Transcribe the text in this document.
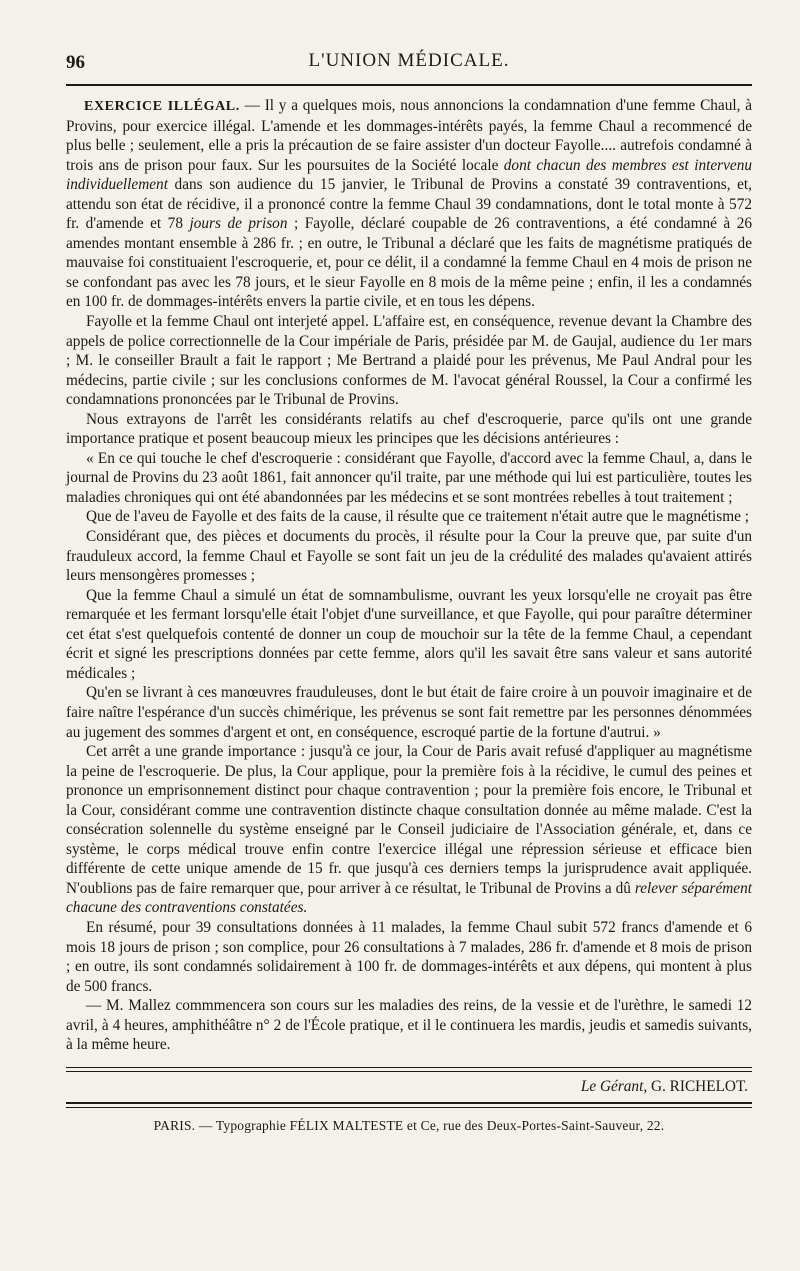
96	L'UNION MÉDICALE.

EXERCICE ILLÉGAL. — Il y a quelques mois, nous annoncions la condamnation d'une femme Chaul, à Provins, pour exercice illégal. L'amende et les dommages-intérêts payés, la femme Chaul a recommencé de plus belle ; seulement, elle a pris la précaution de se faire assister d'un docteur Fayolle.... autrefois condamné à trois ans de prison pour faux. Sur les poursuites de la Société locale dont chacun des membres est intervenu individuellement dans son audience du 15 janvier, le Tribunal de Provins a constaté 39 contraventions, et, attendu son état de récidive, il a prononcé contre la femme Chaul 39 condamnations, dont le total monte à 572 fr. d'amende et 78 jours de prison ; Fayolle, déclaré coupable de 26 contraventions, a été condamné à 26 amendes montant ensemble à 286 fr. ; en outre, le Tribunal a déclaré que les faits de magnétisme pratiqués de mauvaise foi constituaient l'escroquerie, et, pour ce délit, il a condamné la femme Chaul en 4 mois de prison ne se confondant pas avec les 78 jours, et le sieur Fayolle en 8 mois de la même peine ; enfin, il les a condamnés en 100 fr. de dommages-intérêts envers la partie civile, et en tous les dépens.

Fayolle et la femme Chaul ont interjeté appel. L'affaire est, en conséquence, revenue devant la Chambre des appels de police correctionnelle de la Cour impériale de Paris, présidée par M. de Gaujal, audience du 1er mars ; M. le conseiller Brault a fait le rapport ; Me Bertrand a plaidé pour les prévenus, Me Paul Andral pour les médecins, partie civile ; sur les conclusions conformes de M. l'avocat général Roussel, la Cour a confirmé les condamnations prononcées par le Tribunal de Provins.

Nous extrayons de l'arrêt les considérants relatifs au chef d'escroquerie, parce qu'ils ont une grande importance pratique et posent beaucoup mieux les principes que les décisions antérieures :

« En ce qui touche le chef d'escroquerie : considérant que Fayolle, d'accord avec la femme Chaul, a, dans le journal de Provins du 23 août 1861, fait annoncer qu'il traite, par une méthode qui lui est particulière, toutes les maladies chroniques qui ont été abandonnées par les médecins et se sont montrées rebelles à tout traitement ;

Que de l'aveu de Fayolle et des faits de la cause, il résulte que ce traitement n'était autre que le magnétisme ;

Considérant que, des pièces et documents du procès, il résulte pour la Cour la preuve que, par suite d'un frauduleux accord, la femme Chaul et Fayolle se sont fait un jeu de la crédulité des malades qu'avaient attirés leurs mensongères promesses ;

Que la femme Chaul a simulé un état de somnambulisme, ouvrant les yeux lorsqu'elle ne croyait pas être remarquée et les fermant lorsqu'elle était l'objet d'une surveillance, et que Fayolle, qui pour paraître déterminer cet état s'est quelquefois contenté de donner un coup de mouchoir sur la tête de la femme Chaul, a cependant écrit et signé les prescriptions données par cette femme, alors qu'il les savait être sans valeur et sans autorité médicales ;

Qu'en se livrant à ces manœuvres frauduleuses, dont le but était de faire croire à un pouvoir imaginaire et de faire naître l'espérance d'un succès chimérique, les prévenus se sont fait remettre par les personnes dénommées au jugement des sommes d'argent et ont, en conséquence, escroqué partie de la fortune d'autrui. »

Cet arrêt a une grande importance : jusqu'à ce jour, la Cour de Paris avait refusé d'appliquer au magnétisme la peine de l'escroquerie. De plus, la Cour applique, pour la première fois à la récidive, le cumul des peines et prononce un emprisonnement distinct pour chaque contravention ; pour la première fois encore, le Tribunal et la Cour, considérant comme une contravention distincte chaque consultation donnée au même malade. C'est la consécration solennelle du système enseigné par le Conseil judiciaire de l'Association générale, et, dans ce système, le corps médical trouve enfin contre l'exercice illégal une répression sérieuse et efficace bien différente de cette unique amende de 15 fr. que jusqu'à ces derniers temps la jurisprudence avait appliquée. N'oublions pas de faire remarquer que, pour arriver à ce résultat, le Tribunal de Provins a dû relever séparément chacune des contraventions constatées.

En résumé, pour 39 consultations données à 11 malades, la femme Chaul subit 572 francs d'amende et 6 mois 18 jours de prison ; son complice, pour 26 consultations à 7 malades, 286 fr. d'amende et 8 mois de prison ; en outre, ils sont condamnés solidairement à 100 fr. de dommages-intérêts et aux dépens, qui montent à plus de 500 francs.

— M. Mallez commmencera son cours sur les maladies des reins, de la vessie et de l'urèthre, le samedi 12 avril, à 4 heures, amphithéâtre n° 2 de l'École pratique, et il le continuera les mardis, jeudis et samedis suivants, à la même heure.

Le Gérant, G. RICHELOT.
PARIS. — Typographie FÉLIX MALTESTE et Ce, rue des Deux-Portes-Saint-Sauveur, 22.
